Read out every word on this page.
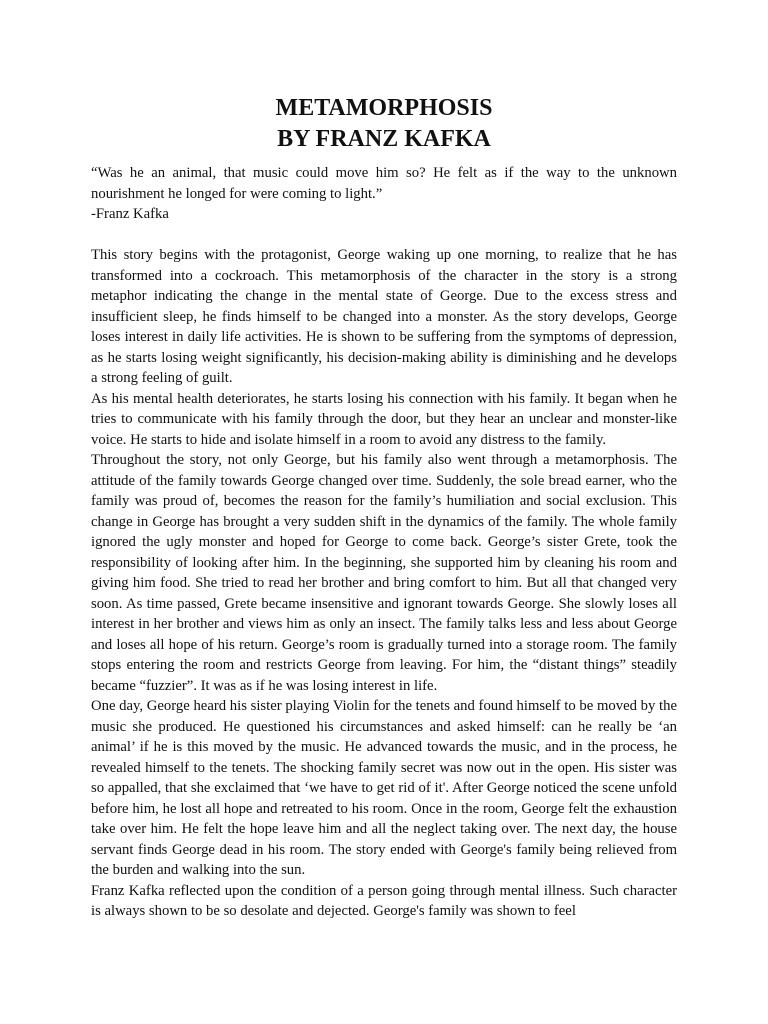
METAMORPHOSIS
BY FRANZ KAFKA

“Was he an animal, that music could move him so? He felt as if the way to the unknown nourishment he longed for were coming to light.”

-Franz Kafka

This story begins with the protagonist, George waking up one morning, to realize that he has transformed into a cockroach. This metamorphosis of the character in the story is a strong metaphor indicating the change in the mental state of George. Due to the excess stress and insufficient sleep, he finds himself to be changed into a monster. As the story develops, George loses interest in daily life activities. He is shown to be suffering from the symptoms of depression, as he starts losing weight significantly, his decision-making ability is diminishing and he develops a strong feeling of guilt.

As his mental health deteriorates, he starts losing his connection with his family. It began when he tries to communicate with his family through the door, but they hear an unclear and monster-like voice. He starts to hide and isolate himself in a room to avoid any distress to the family.

Throughout the story, not only George, but his family also went through a metamorphosis. The attitude of the family towards George changed over time. Suddenly, the sole bread earner, who the family was proud of, becomes the reason for the family’s humiliation and social exclusion. This change in George has brought a very sudden shift in the dynamics of the family. The whole family ignored the ugly monster and hoped for George to come back. George’s sister Grete, took the responsibility of looking after him. In the beginning, she supported him by cleaning his room and giving him food. She tried to read her brother and bring comfort to him. But all that changed very soon. As time passed, Grete became insensitive and ignorant towards George. She slowly loses all interest in her brother and views him as only an insect. The family talks less and less about George and loses all hope of his return. George’s room is gradually turned into a storage room. The family stops entering the room and restricts George from leaving. For him, the “distant things” steadily became “fuzzier”. It was as if he was losing interest in life.

One day, George heard his sister playing Violin for the tenets and found himself to be moved by the music she produced. He questioned his circumstances and asked himself: can he really be ‘an animal’ if he is this moved by the music. He advanced towards the music, and in the process, he revealed himself to the tenets. The shocking family secret was now out in the open. His sister was so appalled, that she exclaimed that ‘we have to get rid of it'. After George noticed the scene unfold before him, he lost all hope and retreated to his room. Once in the room, George felt the exhaustion take over him. He felt the hope leave him and all the neglect taking over. The next day, the house servant finds George dead in his room. The story ended with George's family being relieved from the burden and walking into the sun.

Franz Kafka reflected upon the condition of a person going through mental illness. Such character is always shown to be so desolate and dejected. George's family was shown to feel
